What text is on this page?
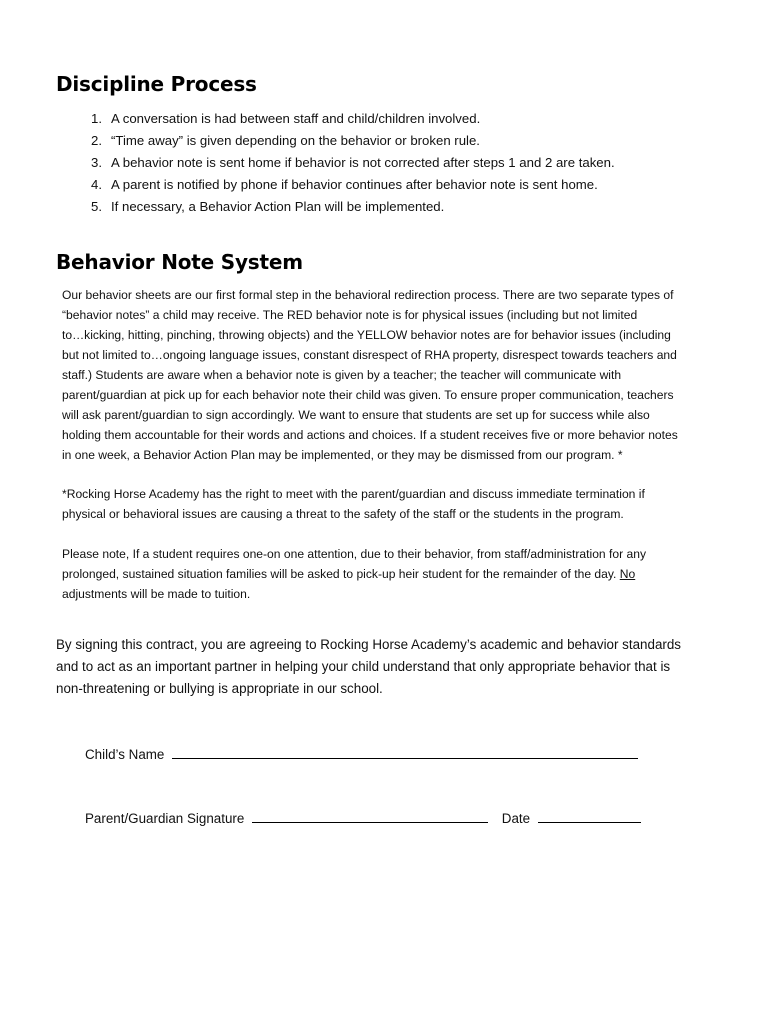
Discipline Process
1. A conversation is had between staff and child/children involved.
2. “Time away” is given depending on the behavior or broken rule.
3. A behavior note is sent home if behavior is not corrected after steps 1 and 2 are taken.
4. A parent is notified by phone if behavior continues after behavior note is sent home.
5. If necessary, a Behavior Action Plan will be implemented.
Behavior Note System
Our behavior sheets are our first formal step in the behavioral redirection process. There are two separate types of
“behavior notes” a child may receive. The RED behavior note is for physical issues (including but not limited
to…kicking, hitting, pinching, throwing objects) and the YELLOW behavior notes are for behavior issues (including
but not limited to…ongoing language issues, constant disrespect of RHA property, disrespect towards teachers and
staff.) Students are aware when a behavior note is given by a teacher; the teacher will communicate with
parent/guardian at pick up for each behavior note their child was given. To ensure proper communication, teachers
will ask parent/guardian to sign accordingly. We want to ensure that students are set up for success while also
holding them accountable for their words and actions and choices. If a student receives five or more behavior notes
in one week, a Behavior Action Plan may be implemented, or they may be dismissed from our program. *
*Rocking Horse Academy has the right to meet with the parent/guardian and discuss immediate termination if
physical or behavioral issues are causing a threat to the safety of the staff or the students in the program.
Please note, If a student requires one-on one attention, due to their behavior, from staff/administration for any
prolonged, sustained situation families will be asked to pick-up heir student for the remainder of the day. No
adjustments will be made to tuition.
By signing this contract, you are agreeing to Rocking Horse Academy’s academic and behavior standards
and to act as an important partner in helping your child understand that only appropriate behavior that is
non-threatening or bullying is appropriate in our school.
Child’s Name
Parent/Guardian Signature	Date
